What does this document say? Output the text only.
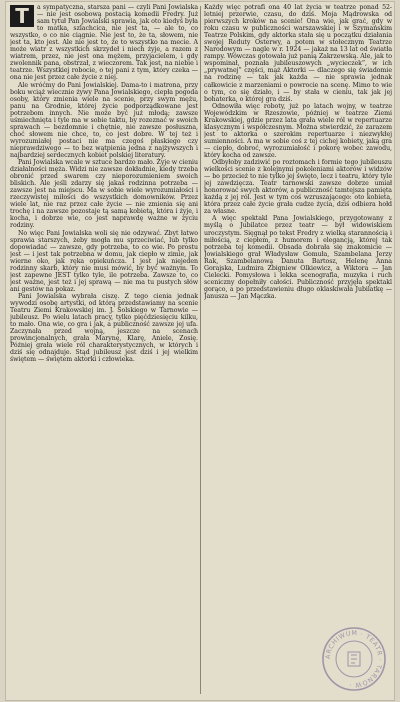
T	a sympatyczna, starsza pani — czyli Pani Jowialska — nie jest osobową postacią komedii Fredry. Już sam tytuł Pan Jowialski sprawia, jak oto kiedyś była to matka, szlachcica, nie jest ta, — ale to, co wszystko, o co nie ciągnie. Nie jest to, że ta, słowem, nie jest ta, kto jest. Ale nie jest to, że to wszystko na mecie. A może wiatr z wszystkich skrzydeł i niech żyje, a razem z wiatrem, przez, nie jest ona mężem, przyjacielem, i gdy zwolennik pana, obstrzał, z wieczorem. Tak jest, na niebie i teatrze. Wszystkiej robocie, o tej pani z tym, który czeka — ona nie jest przez całe życie z niej.

Ale wróćmy do Pani Jowialskiej. Dama-to i matrona, przy boku wciąż wiecznie żywy Pana Jowialskiego, ciepła pogoda osoby, który zmienia wiele na scenie, przy swym mężu, panu na Grodnie, której życie podporządkowane jest potrzebom innych. Nie może być już młodą; zawsze uśmiechnięta i tyle ma w sobie taktu, by rozeznać w swoich sprawach — bezdomnie i chętnie, nie zawsze posłuszna, choć słowem nie chce, to, co jest dobre. W tej też i wyrozumiałej postaci nie ma czegoś płaskiego czy nieprawdziwego — to bez wątpienia jedna z najżywszych i najbardziej serdecznych kobiet polskiej literatury.

Pani Jowialska wcale w sztuce bardzo mało. Żyje w cieniu działalności męża. Widzi nie zawsze dokładnie, kiedy trzeba obronić przed swarem czy nieporozumieniem swoich bliskich. Ale jeśli zdarzy się jakaś rodzinna potrzeba — zawsze jest na miejscu. Ma w sobie wiele wyrozumiałości i rzeczywistej miłości do wszystkich domowników. Przez wiele lat, nie raz przez całe życie — nie zmienia się ani trochę i na zawsze pozostaje tą samą kobietą, która i żyje, i kocha, i dobrze wie, co jest naprawdę ważne w życiu rodziny.

No więc Pani Jowialska woli się nie odzywać. Zbyt łatwo sprawia starszych, żeby mogła mu sprzeciwiać, lub tylko dopowiadać — zawsze, gdy potrzeba, to co wie. Po prostu jest — i jest tak potrzebna w domu, jak ciepło w zimie, jak wierne oko, jak ręka opiekuńcza. I jest jak niejeden rodzinny skarb, który nie musi mówić, by być ważnym. To jest zapewne JEST tylko tyle, ile potrzeba. Zawsze to, co jest ważne, jest też i jej sprawą — nie ma tu pustych słów ani gestów na pokaz.

Pani Jowialska wybrała ciszę. Z tego cienia jednak wywodzi osobę artystki, od którą przedstawiamy na scenie Teatru Ziemi Krakowskiej im. J. Solskiego w Tarnowie — jubileusz. Po wielu latach pracy, tylko pięćdziesięciu kilku, to mało. Ona wie, co gra i jak, a publiczność zawsze jej ufa. Zaczynała przed wojną, jeszcze na scenach prowincjonalnych, grała Marynę, Klarę, Aniele, Zosię. Później grała wiele ról charakterystycznych, w których i dziś się odnajduje. Stąd jubileusz jest dziś i jej wielkim świętem — świętem aktorki i człowieka.

Każdy więc potrafi ona 40 lat życia w teatrze ponad 52-letniej przerwie, czasu, do dziś. Moja Mądrowska od pierwszych kroków na scenie! Ona wie, jak grać, gdy w roku czasu w publiczności warszawskiej i w Szymańskim Teatrze Polskim, gdy aktorka stała się u początku działania swojej Reduty Osterwy, a potem w stołecznym Teatrze Narodowym — nagle w r. 1924 — jakaż na 13 lat od światła rampy. Wówczas gotowała już panią Zakrzewską. Ale, jak to wspominał, poznała jubileuszowych „wycieczek”, w ich „prywatnej” części, mąż Aktorki — dlaczego się świadomie na rodzinę — tak jak każda — nie sprawia jednak całkowicie z marzeniami o powrocie na scenę. Mimo to wie o tym, co się działo, i — by stała w cieniu, tak jak jej bohaterka, o której gra dziś.

Odnowiła więc roboty, już po latach wojny, w teatrze Wojewódzkim w Rzeszowie, później w teatrze Ziemi Krakowskiej, gdzie przez lata grała wiele ról w repertuarze klasycznym i współczesnym. Można stwierdzić, że zarazem jest to aktorka o szerokim repertuarze i niezwykłej sumienności. A ma w sobie coś z tej cichej kobiety, jaką gra — ciepło, dobroć, wyrozumiałość i pokorę wobec zawodu, który kocha od zawsze.

Odbyłoby zadziwić po roztomach i formie tego jubileuszu wielkości scenie z kolejnymi pokoleniami aktorów i widzów — bo przecież to nie tylko jej święto, lecz i teatru, który tyle jej zawdzięcza. Teatr tarnowski zawsze dobrze umiał honorować swych aktorów, a publiczność tamtejsza pamięta każdą z jej ról. Jest w tym coś wzruszającego: oto kobieta, która przez całe życie grała cudze życia, dziś odbiera hołd za własne.

A więc spektakl Pana Jowialskiego, przygotowany z myślą o Jubilatce przez teatr — był widowiskiem uroczystym. Sięgnął po tekst Fredry z wielką starannością i miłością, z ciepłem, z humorem i elegancją, której tak potrzeba tej komedii. Obsada dobrała się znakomicie — Jowialskiego grał Władysław Gomuła, Szambelana Jerzy Rak, Szambelanową Danuta Bartosz, Helenę Anna Gorajska, Ludmira Zbigniew Olkiewicz, a Wiktora — Jan Cielecki. Pomysłowa i lekka scenografia, muzyka i ruch sceniczny dopełniły całości. Publiczność przyjęła spektakl gorąco, a po przedstawieniu długo oklaskiwała Jubilatkę — Janusza — Jan Mączka.

ARCHIWUM · TEATR · TARNÓW ·
